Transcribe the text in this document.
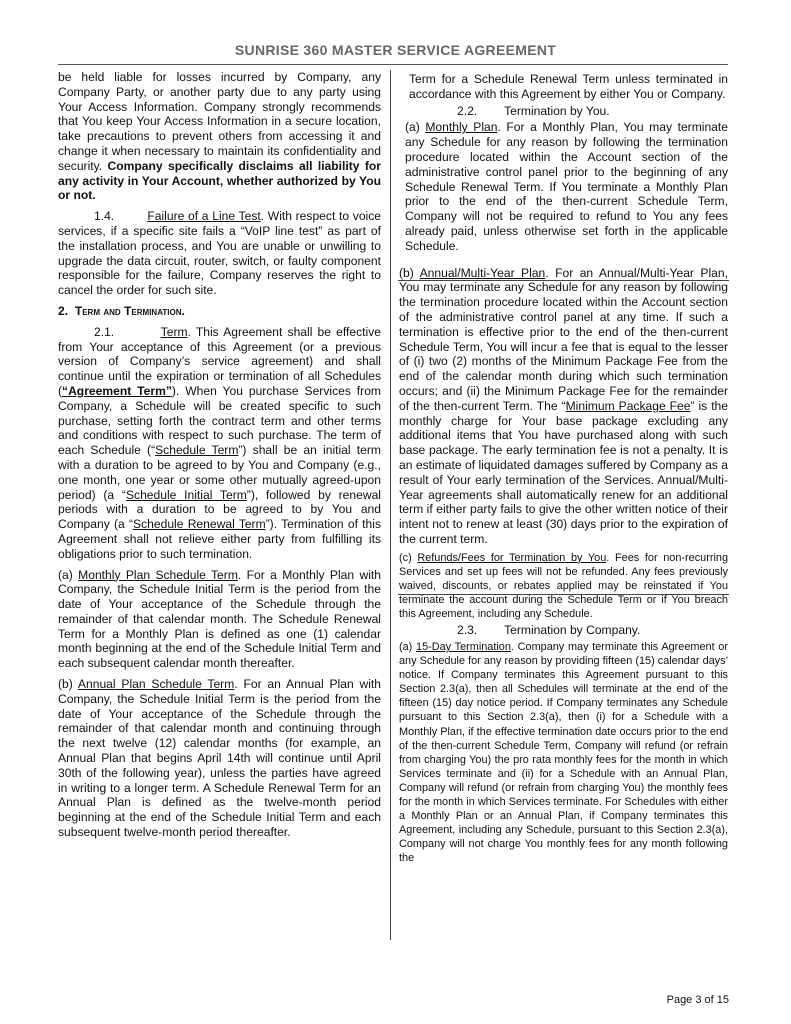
SUNRISE 360 MASTER SERVICE AGREEMENT

be held liable for losses incurred by Company, any Company Party, or another party due to any party using Your Access Information. Company strongly recommends that You keep Your Access Information in a secure location, take precautions to prevent others from accessing it and change it when necessary to maintain its confidentiality and security. Company specifically disclaims all liability for any activity in Your Account, whether authorized by You or not.

1.4.	Failure of a Line Test. With respect to voice services, if a specific site fails a “VoIP line test” as part of the installation process, and You are unable or unwilling to upgrade the data circuit, router, switch, or faulty component responsible for the failure, Company reserves the right to cancel the order for such site.

2. Term and Termination.

2.1.	Term. This Agreement shall be effective from Your acceptance of this Agreement (or a previous version of Company’s service agreement) and shall continue until the expiration or termination of all Schedules (“Agreement Term”). When You purchase Services from Company, a Schedule will be created specific to such purchase, setting forth the contract term and other terms and conditions with respect to such purchase. The term of each Schedule (“Schedule Term”) shall be an initial term with a duration to be agreed to by You and Company (e.g., one month, one year or some other mutually agreed-upon period) (a “Schedule Initial Term”), followed by renewal periods with a duration to be agreed to by You and Company (a “Schedule Renewal Term”). Termination of this Agreement shall not relieve either party from fulfilling its obligations prior to such termination.

(a) Monthly Plan Schedule Term. For a Monthly Plan with Company, the Schedule Initial Term is the period from the date of Your acceptance of the Schedule through the remainder of that calendar month. The Schedule Renewal Term for a Monthly Plan is defined as one (1) calendar month beginning at the end of the Schedule Initial Term and each subsequent calendar month thereafter.

(b) Annual Plan Schedule Term. For an Annual Plan with Company, the Schedule Initial Term is the period from the date of Your acceptance of the Schedule through the remainder of that calendar month and continuing through the next twelve (12) calendar months (for example, an Annual Plan that begins April 14th will continue until April 30th of the following year), unless the parties have agreed in writing to a longer term. A Schedule Renewal Term for an Annual Plan is defined as the twelve-month period beginning at the end of the Schedule Initial Term and each subsequent twelve-month period thereafter.

Term for a Schedule Renewal Term unless terminated in accordance with this Agreement by either You or Company.

2.2. Termination by You.

(a) Monthly Plan. For a Monthly Plan, You may terminate any Schedule for any reason by following the termination procedure located within the Account section of the administrative control panel prior to the beginning of any Schedule Renewal Term. If You terminate a Monthly Plan prior to the end of the then-current Schedule Term, Company will not be required to refund to You any fees already paid, unless otherwise set forth in the applicable Schedule.

(b) Annual/Multi-Year Plan. For an Annual/Multi-Year Plan, You may terminate any Schedule for any reason by following the termination procedure located within the Account section of the administrative control panel at any time. If such a termination is effective prior to the end of the then-current Schedule Term, You will incur a fee that is equal to the lesser of (i) two (2) months of the Minimum Package Fee from the end of the calendar month during which such termination occurs; and (ii) the Minimum Package Fee for the remainder of the then-current Term. The “Minimum Package Fee” is the monthly charge for Your base package excluding any additional items that You have purchased along with such base package. The early termination fee is not a penalty. It is an estimate of liquidated damages suffered by Company as a result of Your early termination of the Services. Annual/Multi-Year agreements shall automatically renew for an additional term if either party fails to give the other written notice of their intent not to renew at least (30) days prior to the expiration of the current term.

(c) Refunds/Fees for Termination by You. Fees for non-recurring Services and set up fees will not be refunded. Any fees previously waived, discounts, or rebates applied may be reinstated if You terminate the account during the Schedule Term or if You breach this Agreement, including any Schedule.

2.3. Termination by Company.

(a) 15-Day Termination. Company may terminate this Agreement or any Schedule for any reason by providing fifteen (15) calendar days’ notice. If Company terminates this Agreement pursuant to this Section 2.3(a), then all Schedules will terminate at the end of the fifteen (15) day notice period. If Company terminates any Schedule pursuant to this Section 2.3(a), then (i) for a Schedule with a Monthly Plan, if the effective termination date occurs prior to the end of the then-current Schedule Term, Company will refund (or refrain from charging You) the pro rata monthly fees for the month in which Services terminate and (ii) for a Schedule with an Annual Plan, Company will refund (or refrain from charging You) the monthly fees for the month in which Services terminate. For Schedules with either a Monthly Plan or an Annual Plan, if Company terminates this Agreement, including any Schedule, pursuant to this Section 2.3(a), Company will not charge You monthly fees for any month following the

Page 3 of 15
